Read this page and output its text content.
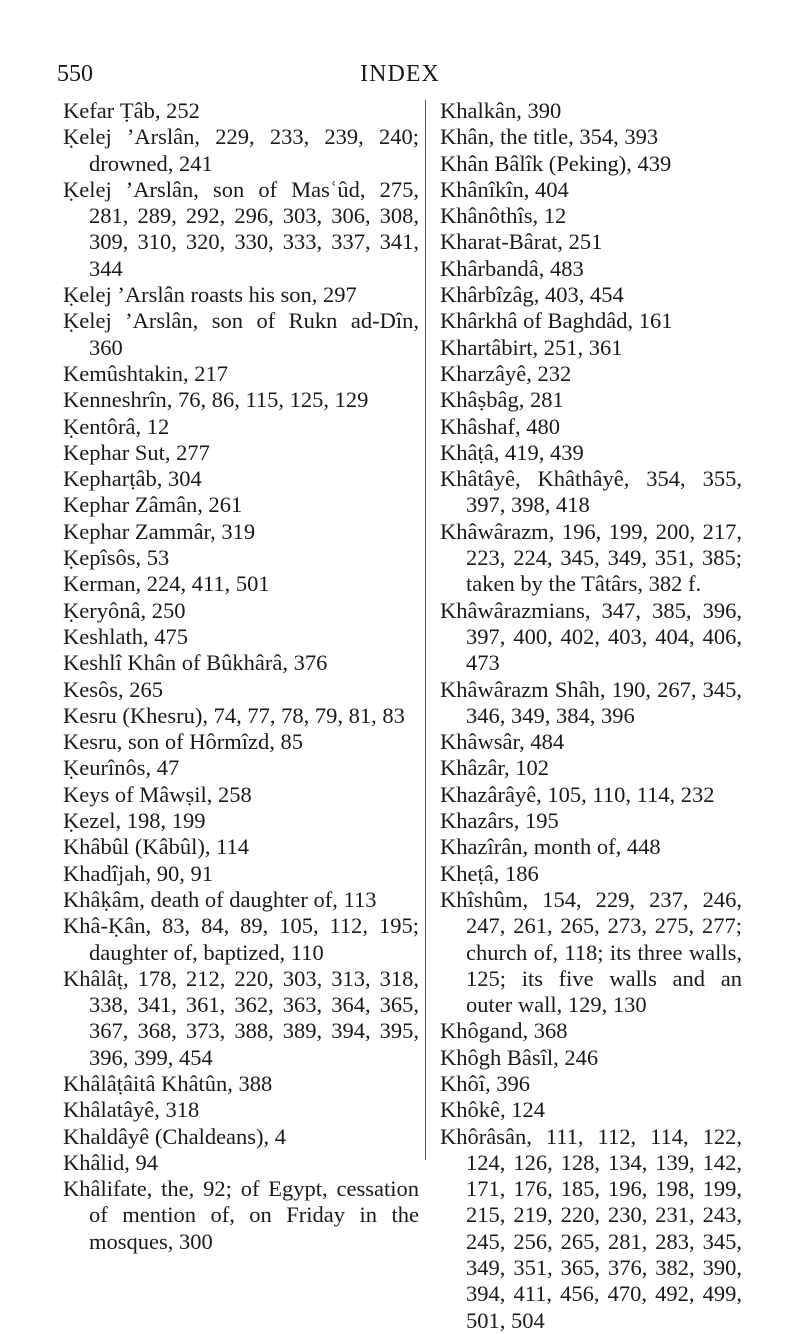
550	INDEX

Kefar Ṭâb, 252

Ḳelej ’Arslân, 229, 233, 239, 240; drowned, 241

Ḳelej ’Arslân, son of Masʿûd, 275, 281, 289, 292, 296, 303, 306, 308, 309, 310, 320, 330, 333, 337, 341, 344

Ḳelej ’Arslân roasts his son, 297

Ḳelej ’Arslân, son of Rukn ad-Dîn, 360

Kemûshtakin, 217

Kenneshrîn, 76, 86, 115, 125, 129

Ḳentôrâ, 12

Kephar Sut, 277

Kepharṭâb, 304

Kephar Zâmân, 261

Kephar Zammâr, 319

Ḳepîsôs, 53

Kerman, 224, 411, 501

Ḳeryônâ, 250

Keshlath, 475

Keshlî Khân of Bûkhârâ, 376

Kesôs, 265

Kesru (Khesru), 74, 77, 78, 79, 81, 83

Kesru, son of Hôrmîzd, 85

Ḳeurînôs, 47

Keys of Mâwṣil, 258

Ḳezel, 198, 199

Khâbûl (Kâbûl), 114

Khadîjah, 90, 91

Khâḳâm, death of daughter of, 113

Khâ-Ḳân, 83, 84, 89, 105, 112, 195; daughter of, baptized, 110

Khâlâṭ, 178, 212, 220, 303, 313, 318, 338, 341, 361, 362, 363, 364, 365, 367, 368, 373, 388, 389, 394, 395, 396, 399, 454

Khâlâṭâitâ Khâtûn, 388

Khâlatâyê, 318

Khaldâyê (Chaldeans), 4

Khâlid, 94

Khâlifate, the, 92; of Egypt, cessation of mention of, on Friday in the mosques, 300

Khalkân, 390

Khân, the title, 354, 393

Khân Bâlîk (Peking), 439

Khânîkîn, 404

Khânôthîs, 12

Kharat-Bârat, 251

Khârbandâ, 483

Khârbîzâg, 403, 454

Khârkhâ of Baghdâd, 161

Khartâbirt, 251, 361

Kharzâyê, 232

Khâṣbâg, 281

Khâshaf, 480

Khâṭâ, 419, 439

Khâtâyê, Khâthâyê, 354, 355, 397, 398, 418

Khâwârazm, 196, 199, 200, 217, 223, 224, 345, 349, 351, 385; taken by the Tâtârs, 382 f.

Khâwârazmians, 347, 385, 396, 397, 400, 402, 403, 404, 406, 473

Khâwârazm Shâh, 190, 267, 345, 346, 349, 384, 396

Khâwsâr, 484

Khâzâr, 102

Khazârâyê, 105, 110, 114, 232

Khazârs, 195

Khazîrân, month of, 448

Kheṭâ, 186

Khîshûm, 154, 229, 237, 246, 247, 261, 265, 273, 275, 277; church of, 118; its three walls, 125; its five walls and an outer wall, 129, 130

Khôgand, 368

Khôgh Bâsîl, 246

Khôî, 396

Khôkê, 124

Khôrâsân, 111, 112, 114, 122, 124, 126, 128, 134, 139, 142, 171, 176, 185, 196, 198, 199, 215, 219, 220, 230, 231, 243, 245, 256, 265, 281, 283, 345, 349, 351, 365, 376, 382, 390, 394, 411, 456, 470, 492, 499, 501, 504
